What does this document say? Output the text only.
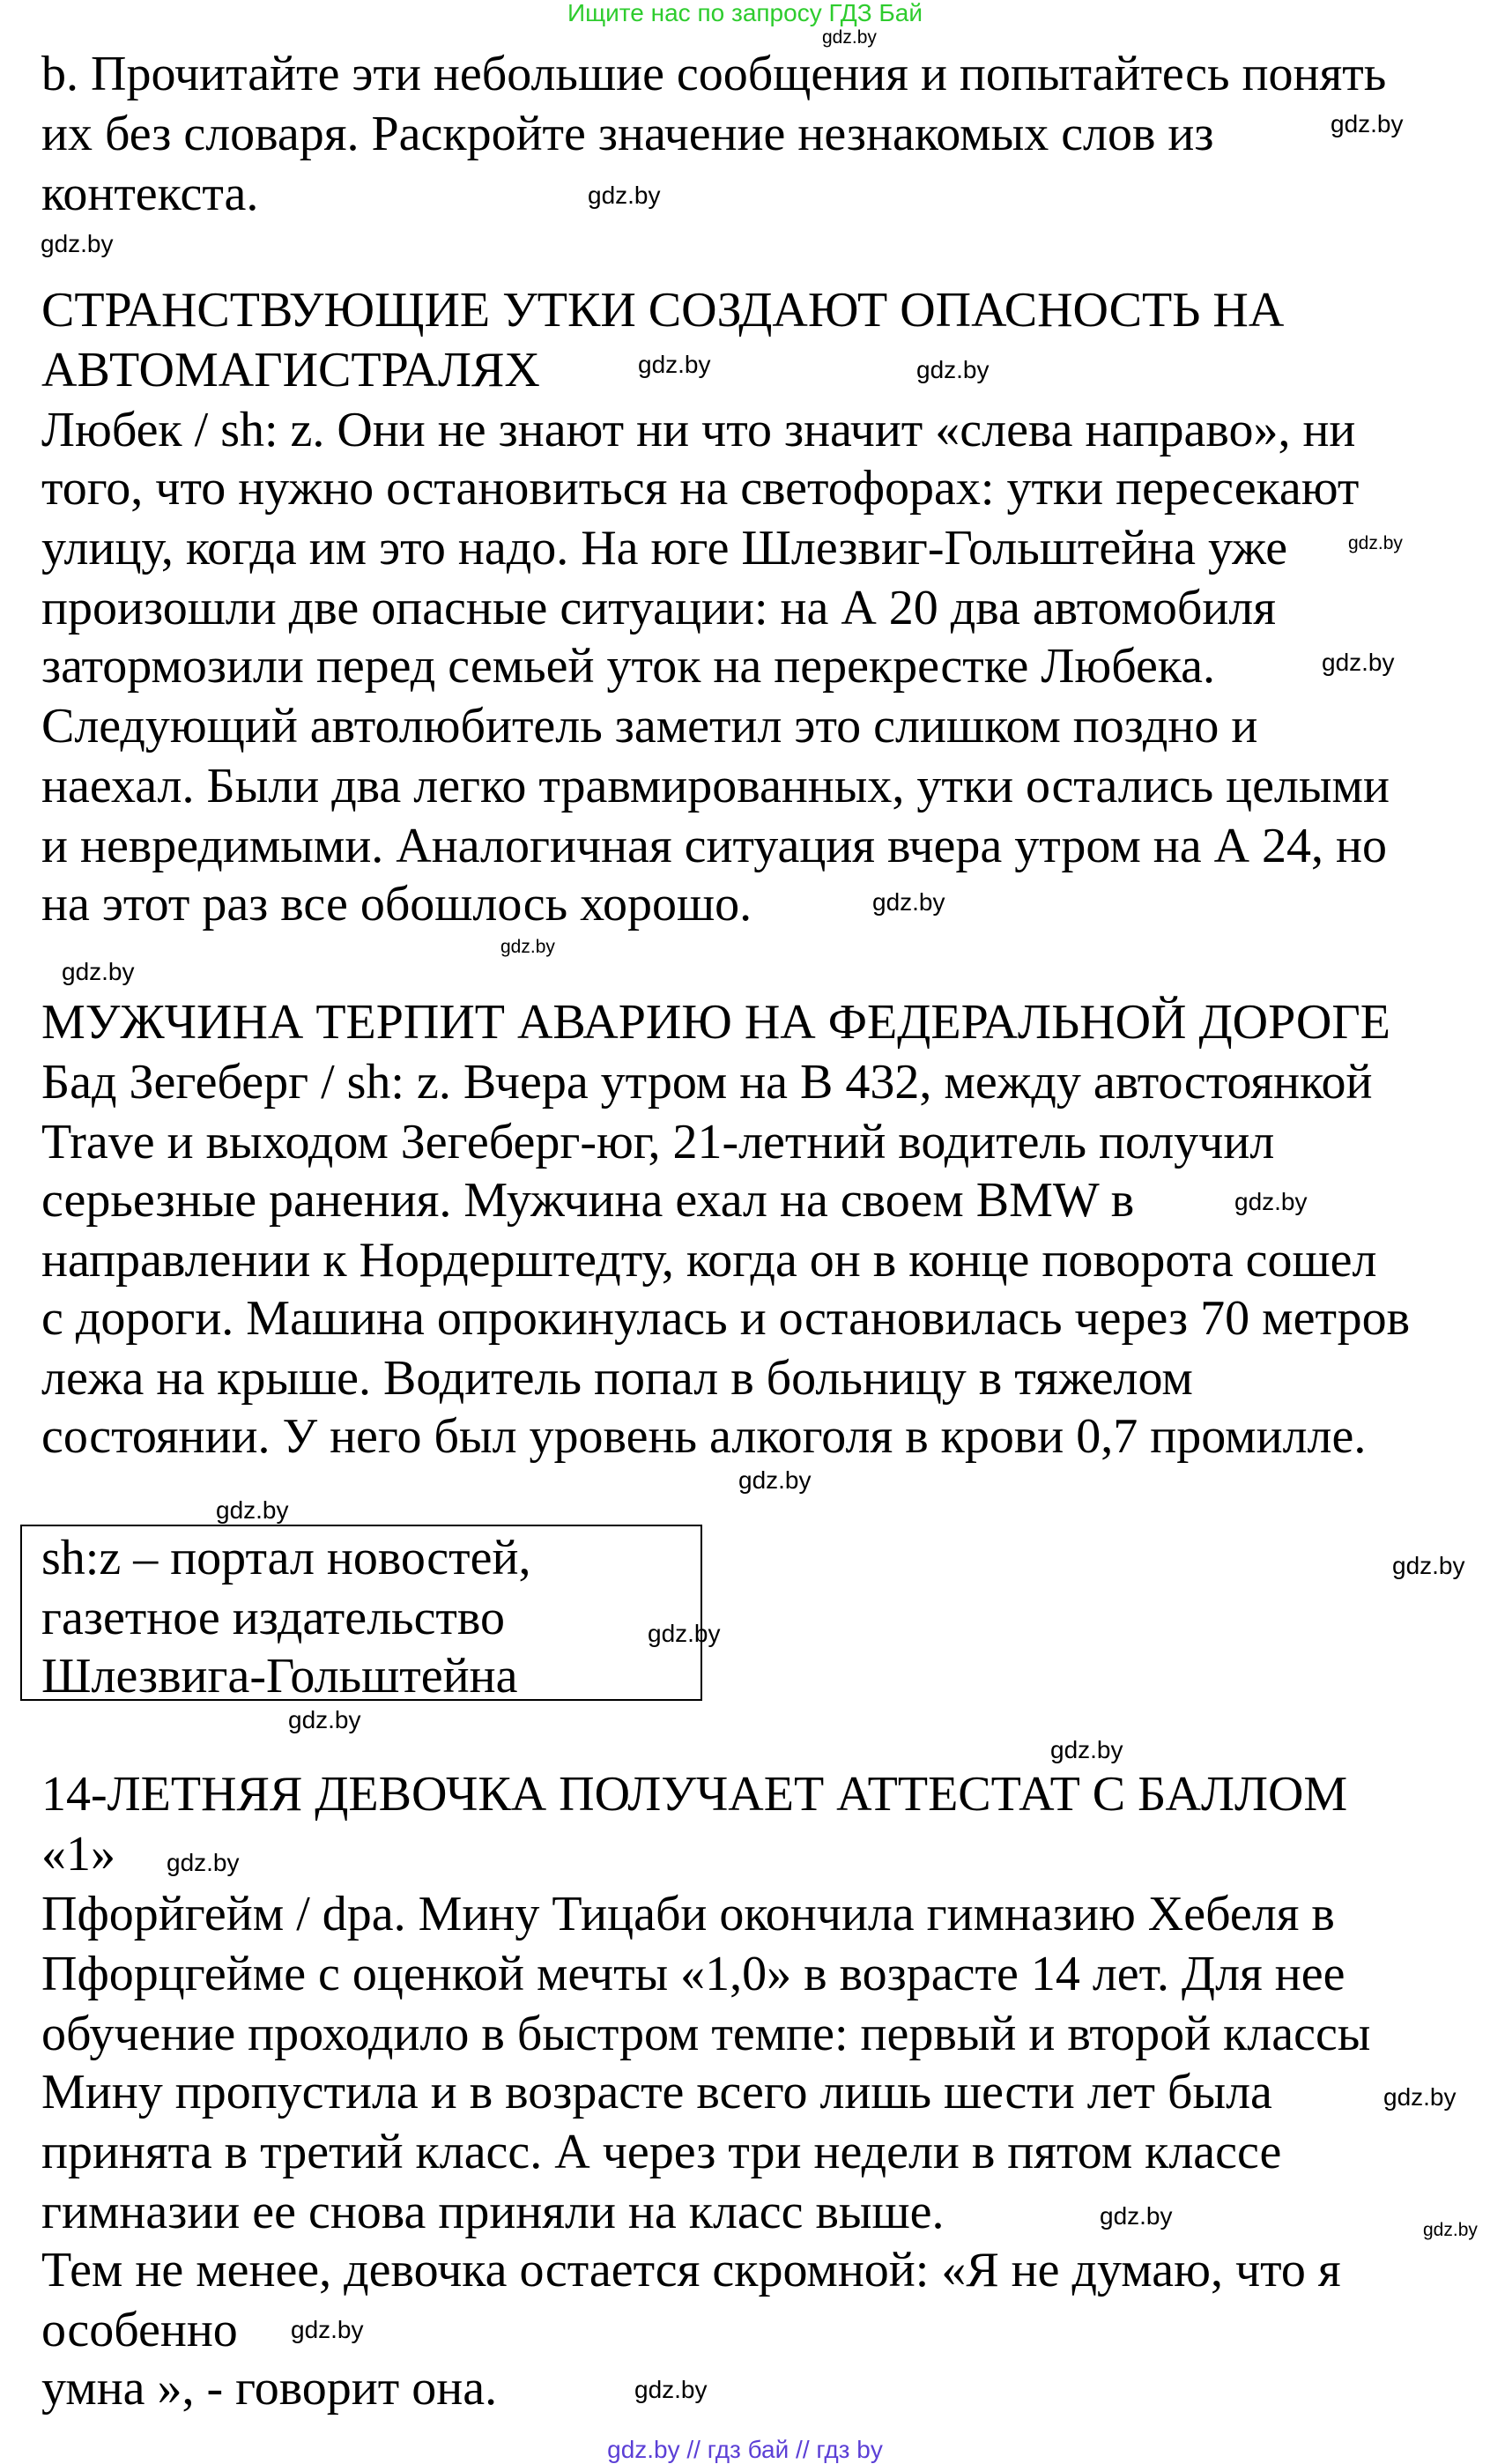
Ищите нас по запросу ГДЗ Бай
b. Прочитайте эти небольшие сообщения и попытайтесь понять
их без словаря. Раскройте значение незнакомых слов из
контекста.
СТРАНСТВУЮЩИЕ УТКИ СОЗДАЮТ ОПАСНОСТЬ НА
АВТОМАГИСТРАЛЯХ
Любек / sh: z. Они не знают ни что значит «слева направо», ни
того, что нужно остановиться на светофорах: утки пересекают
улицу, когда им это надо. На юге Шлезвиг-Гольштейна уже
произошли две опасные ситуации: на А 20 два автомобиля
затормозили перед семьей уток на перекрестке Любека.
Следующий автолюбитель заметил это слишком поздно и
наехал. Были два легко травмированных, утки остались целыми
и невредимыми. Аналогичная ситуация вчера утром на А 24, но
на этот раз все обошлось хорошо.
МУЖЧИНА ТЕРПИТ АВАРИЮ НА ФЕДЕРАЛЬНОЙ ДОРОГЕ
Бад Зегеберг / sh: z. Вчера утром на В 432, между автостоянкой
Trave и выходом Зегеберг-юг, 21-летний водитель получил
серьезные ранения. Мужчина ехал на своем BMW в
направлении к Нордерштедту, когда он в конце поворота сошел
с дороги. Машина опрокинулась и остановилась через 70 метров
лежа на крыше. Водитель попал в больницу в тяжелом
состоянии. У него был уровень алкоголя в крови 0,7 промилле.
sh:z – портал новостей,
газетное издательство
Шлезвига-Гольштейна
14-ЛЕТНЯЯ ДЕВОЧКА ПОЛУЧАЕТ АТТЕСТАТ С БАЛЛОМ
«1»
Пфорйгейм / dpa. Мину Тицаби окончила гимназию Хебеля в
Пфорцгейме с оценкой мечты «1,0» в возрасте 14 лет. Для нее
обучение проходило в быстром темпе: первый и второй классы
Мину пропустила и в возрасте всего лишь шести лет была
принята в третий класс. А через три недели в пятом классе
гимназии ее снова приняли на класс выше.
Тем не менее, девочка остается скромной: «Я не думаю, что я
особенно
умна », - говорит она.
gdz.by
gdz.by
gdz.by
gdz.by
gdz.by	gdz.by
gdz.by
gdz.by
gdz.by
gdz.by
gdz.by
gdz.by
gdz.by
gdz.by
gdz.by
gdz.by
gdz.by
gdz.by
gdz.by
gdz.by
gdz.by
gdz.by
gdz.by
gdz.by
gdz.by // гдз бай // гдз by
